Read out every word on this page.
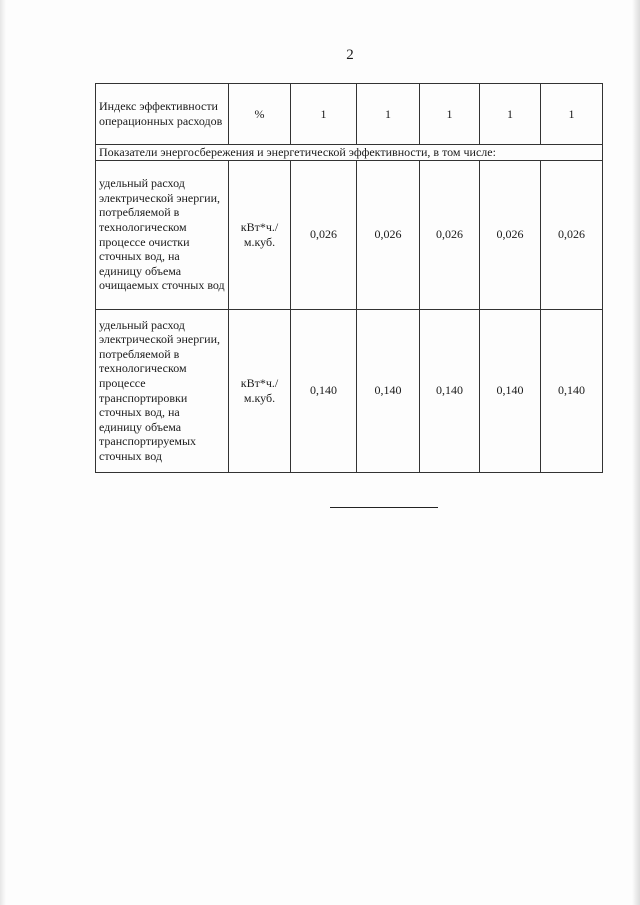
2
Индекс эффективности операционных расходов	%	1	1	1	1	1
Показатели энергосбережения и энергетической эффективности, в том числе:						
удельный расход электрической энергии, потребляемой в технологическом процессе очистки сточных вод, на единицу объема очищаемых сточных вод	кВт*ч./м.куб.	0,026	0,026	0,026	0,026	0,026
удельный расход электрической энергии, потребляемой в технологическом процессе транспортировки сточных вод, на единицу объема транспортируемых сточных вод	кВт*ч./м.куб.	0,140	0,140	0,140	0,140	0,140
